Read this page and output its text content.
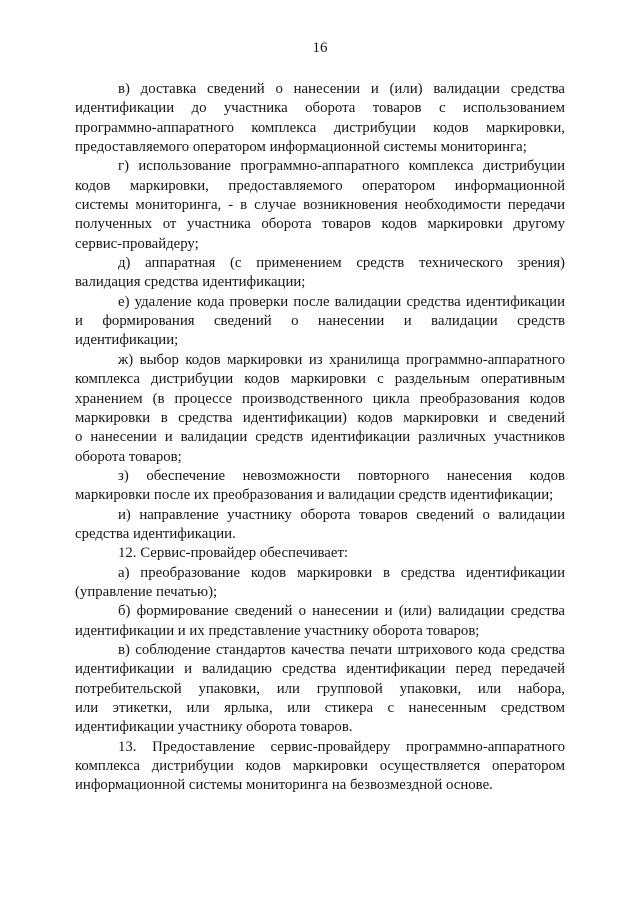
16
в) доставка сведений о нанесении и (или) валидации средства
идентификации до участника оборота товаров с использованием
программно-аппаратного комплекса дистрибуции кодов маркировки,
предоставляемого оператором информационной системы мониторинга;
г) использование программно-аппаратного комплекса дистрибуции
кодов маркировки, предоставляемого оператором информационной
системы мониторинга, - в случае возникновения необходимости передачи
полученных от участника оборота товаров кодов маркировки другому
сервис-провайдеру;
д) аппаратная (с применением средств технического зрения)
валидация средства идентификации;
е) удаление кода проверки после валидации средства идентификации
и формирования сведений о нанесении и валидации средств
идентификации;
ж) выбор кодов маркировки из хранилища программно-аппаратного
комплекса дистрибуции кодов маркировки с раздельным оперативным
хранением (в процессе производственного цикла преобразования кодов
маркировки в средства идентификации) кодов маркировки и сведений
о нанесении и валидации средств идентификации различных участников
оборота товаров;
з) обеспечение невозможности повторного нанесения кодов
маркировки после их преобразования и валидации средств идентификации;
и) направление участнику оборота товаров сведений о валидации
средства идентификации.
12. Сервис-провайдер обеспечивает:
а) преобразование кодов маркировки в средства идентификации
(управление печатью);
б) формирование сведений о нанесении и (или) валидации средства
идентификации и их представление участнику оборота товаров;
в) соблюдение стандартов качества печати штрихового кода средства
идентификации и валидацию средства идентификации перед передачей
потребительской упаковки, или групповой упаковки, или набора,
или этикетки, или ярлыка, или стикера с нанесенным средством
идентификации участнику оборота товаров.
13. Предоставление сервис-провайдеру программно-аппаратного
комплекса дистрибуции кодов маркировки осуществляется оператором
информационной системы мониторинга на безвозмездной основе.
